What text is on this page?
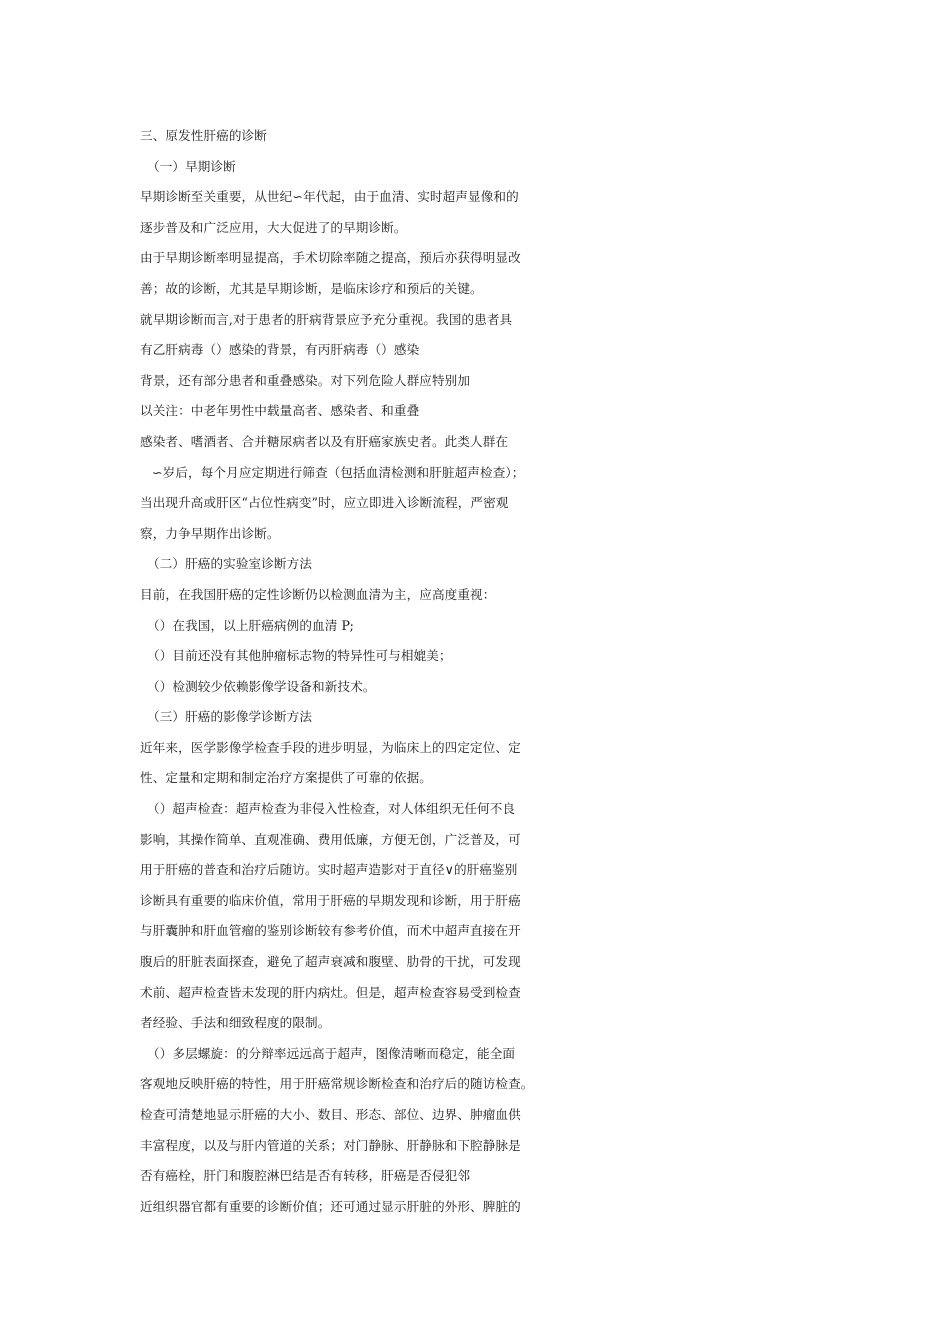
三、原发性肝癌的诊断
（一）早期诊断
早期诊断至关重要，从世纪∽年代起，由于血清、实时超声显像和的
逐步普及和广泛应用，大大促进了的早期诊断。
由于早期诊断率明显提高，手术切除率随之提高，预后亦获得明显改
善；故的诊断，尤其是早期诊断，是临床诊疗和预后的关键。
就早期诊断而言,对于患者的肝病背景应予充分重视。我国的患者具
有乙肝病毒（）感染的背景，有丙肝病毒（）感染
背景，还有部分患者和重叠感染。对下列危险人群应特别加
以关注：中老年男性中载量高者、感染者、和重叠
感染者、嗜酒者、合并糖尿病者以及有肝癌家族史者。此类人群在
∽岁后，每个月应定期进行筛查（包括血清检测和肝脏超声检查）；
当出现升高或肝区“占位性病变”时，应立即进入诊断流程，严密观
察，力争早期作出诊断。
（二）肝癌的实验室诊断方法
目前，在我国肝癌的定性诊断仍以检测血清为主，应高度重视：
（）在我国，以上肝癌病例的血清 P;
（）目前还没有其他肿瘤标志物的特异性可与相媲美；
（）检测较少依赖影像学设备和新技术。
（三）肝癌的影像学诊断方法
近年来，医学影像学检查手段的进步明显，为临床上的四定定位、定
性、定量和定期和制定治疗方案提供了可靠的依据。
（）超声检查：超声检查为非侵入性检查，对人体组织无任何不良
影响，其操作简单、直观准确、费用低廉，方便无创，广泛普及，可
用于肝癌的普查和治疗后随访。实时超声造影对于直径∨的肝癌鉴别
诊断具有重要的临床价值，常用于肝癌的早期发现和诊断，用于肝癌
与肝囊肿和肝血管瘤的鉴别诊断较有参考价值，而术中超声直接在开
腹后的肝脏表面探查，避免了超声衰减和腹壁、肋骨的干扰，可发现
术前、超声检查皆未发现的肝内病灶。但是，超声检查容易受到检查
者经验、手法和细致程度的限制。
（）多层螺旋：的分辩率远远高于超声，图像清晰而稳定，能全面
客观地反映肝癌的特性，用于肝癌常规诊断检查和治疗后的随访检查。
检查可清楚地显示肝癌的大小、数目、形态、部位、边界、肿瘤血供
丰富程度，以及与肝内管道的关系；对门静脉、肝静脉和下腔静脉是
否有癌栓，肝门和腹腔淋巴结是否有转移，肝癌是否侵犯邻
近组织器官都有重要的诊断价值；还可通过显示肝脏的外形、脾脏的
